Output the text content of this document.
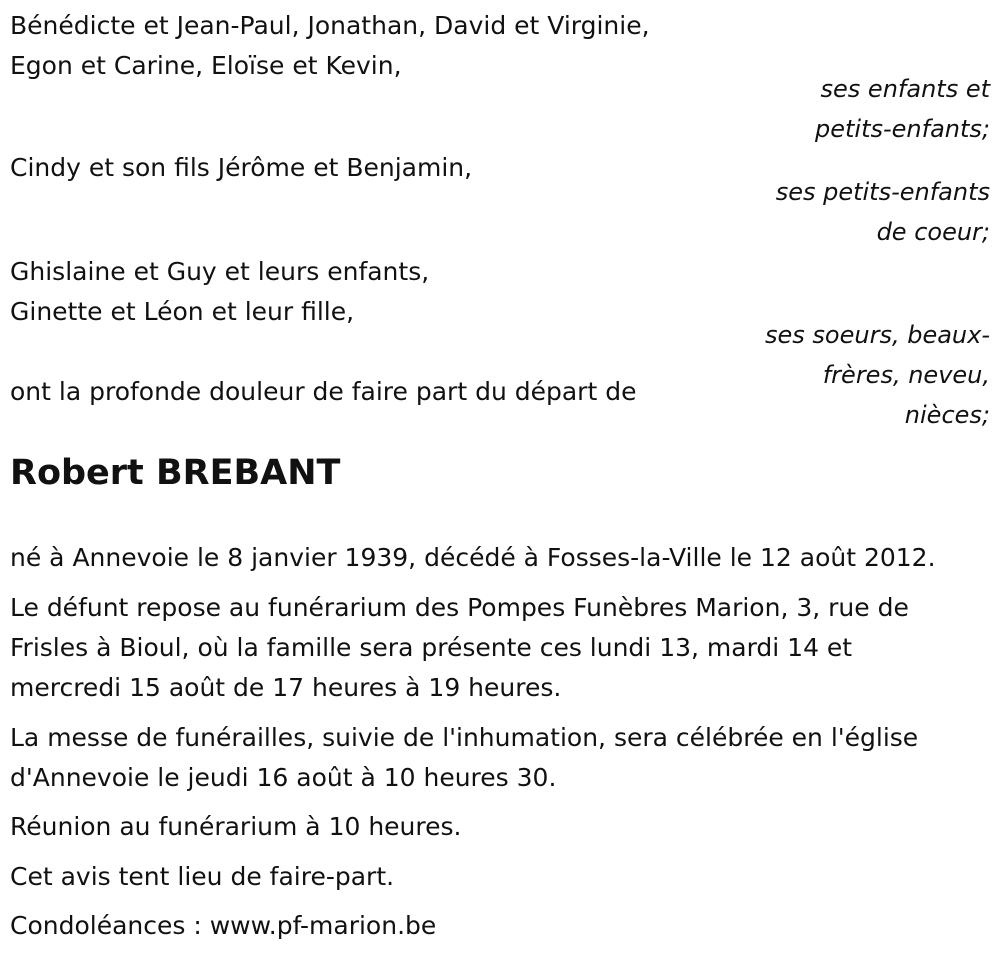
Bénédicte et Jean-Paul, Jonathan, David et Virginie,
Egon et Carine, Eloïse et Kevin,
ses enfants et
petits-enfants;
Cindy et son fils Jérôme et Benjamin,
ses petits-enfants
de coeur;
Ghislaine et Guy et leurs enfants,
Ginette et Léon et leur fille,
ses soeurs, beaux-
frères, neveu,
nièces;
ont la profonde douleur de faire part du départ de
Robert BREBANT
né à Annevoie le 8 janvier 1939, décédé à Fosses-la-Ville le 12 août 2012.
Le défunt repose au funérarium des Pompes Funèbres Marion, 3, rue de
Frisles à Bioul, où la famille sera présente ces lundi 13, mardi 14 et
mercredi 15 août de 17 heures à 19 heures.
La messe de funérailles, suivie de l'inhumation, sera célébrée en l'église
d'Annevoie le jeudi 16 août à 10 heures 30.
Réunion au funérarium à 10 heures.
Cet avis tent lieu de faire-part.
Condoléances : www.pf-marion.be
